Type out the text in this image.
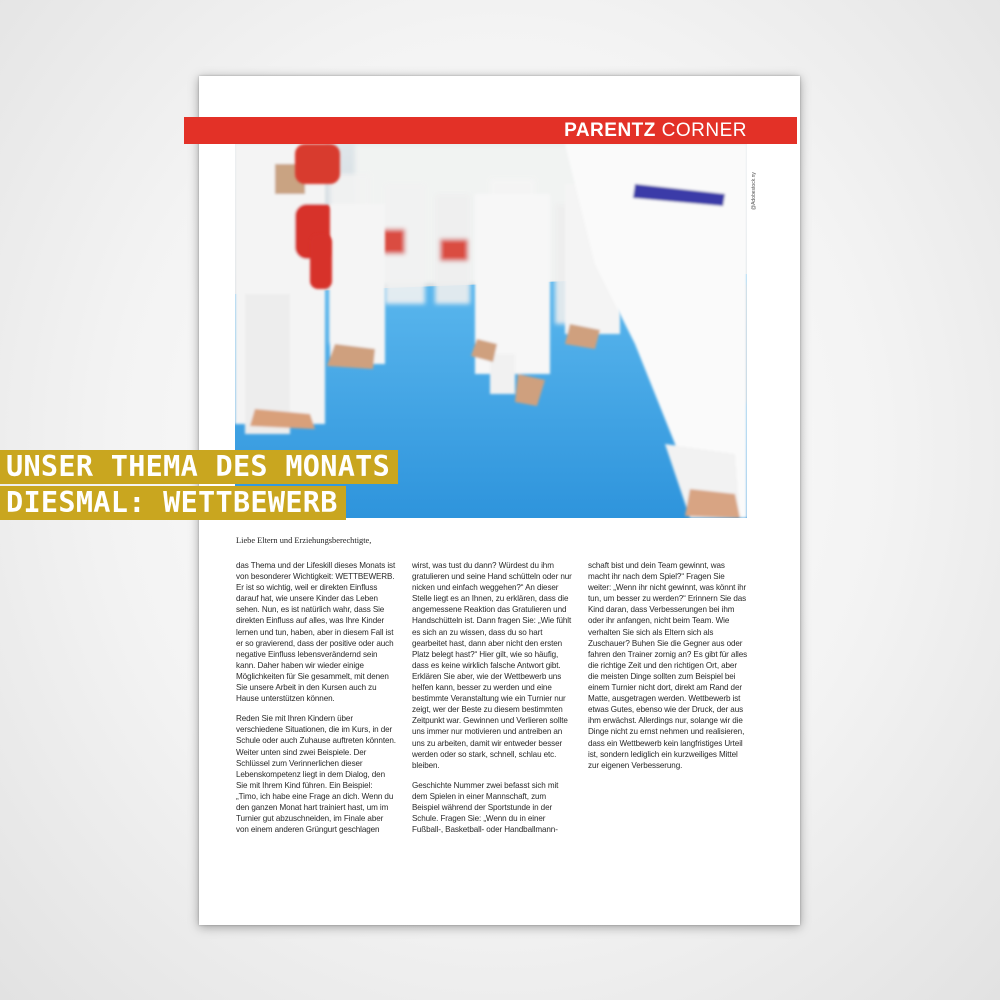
PARENTZ CORNER
@Adobestock.ny
UNSER THEMA DES MONATS
DIESMAL: WETTBEWERB
Liebe Eltern und Erziehungsberechtigte,

das Thema und der Lifeskill dieses Monats ist von besonderer Wichtigkeit: WETTBEWERB. Er ist so wichtig, weil er direkten Einfluss darauf hat, wie unsere Kinder das Leben sehen. Nun, es ist natürlich wahr, dass Sie direkten Einfluss auf alles, was Ihre Kinder lernen und tun, haben, aber in diesem Fall ist er so gravierend, dass der positive oder auch negative Einfluss lebensverändernd sein kann. Daher haben wir wieder einige Möglichkeiten für Sie gesammelt, mit denen Sie unsere Arbeit in den Kursen auch zu Hause unterstützen können.

Reden Sie mit Ihren Kindern über verschiedene Situationen, die im Kurs, in der Schule oder auch Zuhause auftreten könnten. Weiter unten sind zwei Beispiele. Der Schlüssel zum Verinnerlichen dieser Lebenskompetenz liegt in dem Dialog, den Sie mit Ihrem Kind führen. Ein Beispiel: „Timo, ich habe eine Frage an dich. Wenn du den ganzen Monat hart trainiert hast, um im Turnier gut abzuschneiden, im Finale aber von einem anderen Grüngurt geschlagen

wirst, was tust du dann? Würdest du ihm gratulieren und seine Hand schütteln oder nur nicken und einfach weggehen?“ An dieser Stelle liegt es an Ihnen, zu erklären, dass die angemessene Reaktion das Gratulieren und Handschütteln ist. Dann fragen Sie: „Wie fühlt es sich an zu wissen, dass du so hart gearbeitet hast, dann aber nicht den ersten Platz belegt hast?“ Hier gilt, wie so häufig, dass es keine wirklich falsche Antwort gibt. Erklären Sie aber, wie der Wettbewerb uns helfen kann, besser zu werden und eine bestimmte Veranstaltung wie ein Turnier nur zeigt, wer der Beste zu diesem bestimmten Zeitpunkt war. Gewinnen und Verlieren sollte uns immer nur motivieren und antreiben an uns zu arbeiten, damit wir entweder besser werden oder so stark, schnell, schlau etc. bleiben.

Geschichte Nummer zwei befasst sich mit dem Spielen in einer Mannschaft, zum Beispiel während der Sportstunde in der Schule. Fragen Sie: „Wenn du in einer Fußball-, Basketball- oder Handballmann-

schaft bist und dein Team gewinnt, was macht ihr nach dem Spiel?“ Fragen Sie weiter: „Wenn ihr nicht gewinnt, was könnt ihr tun, um besser zu werden?“ Erinnern Sie das Kind daran, dass Verbesserungen bei ihm oder ihr anfangen, nicht beim Team. Wie verhalten Sie sich als Eltern sich als Zuschauer? Buhen Sie die Gegner aus oder fahren den Trainer zornig an? Es gibt für alles die richtige Zeit und den richtigen Ort, aber die meisten Dinge sollten zum Beispiel bei einem Turnier nicht dort, direkt am Rand der Matte, ausgetragen werden. Wettbewerb ist etwas Gutes, ebenso wie der Druck, der aus ihm erwächst. Allerdings nur, solange wir die Dinge nicht zu ernst nehmen und realisieren, dass ein Wettbewerb kein langfristiges Urteil ist, sondern lediglich ein kurzweiliges Mittel zur eigenen Verbesserung.
